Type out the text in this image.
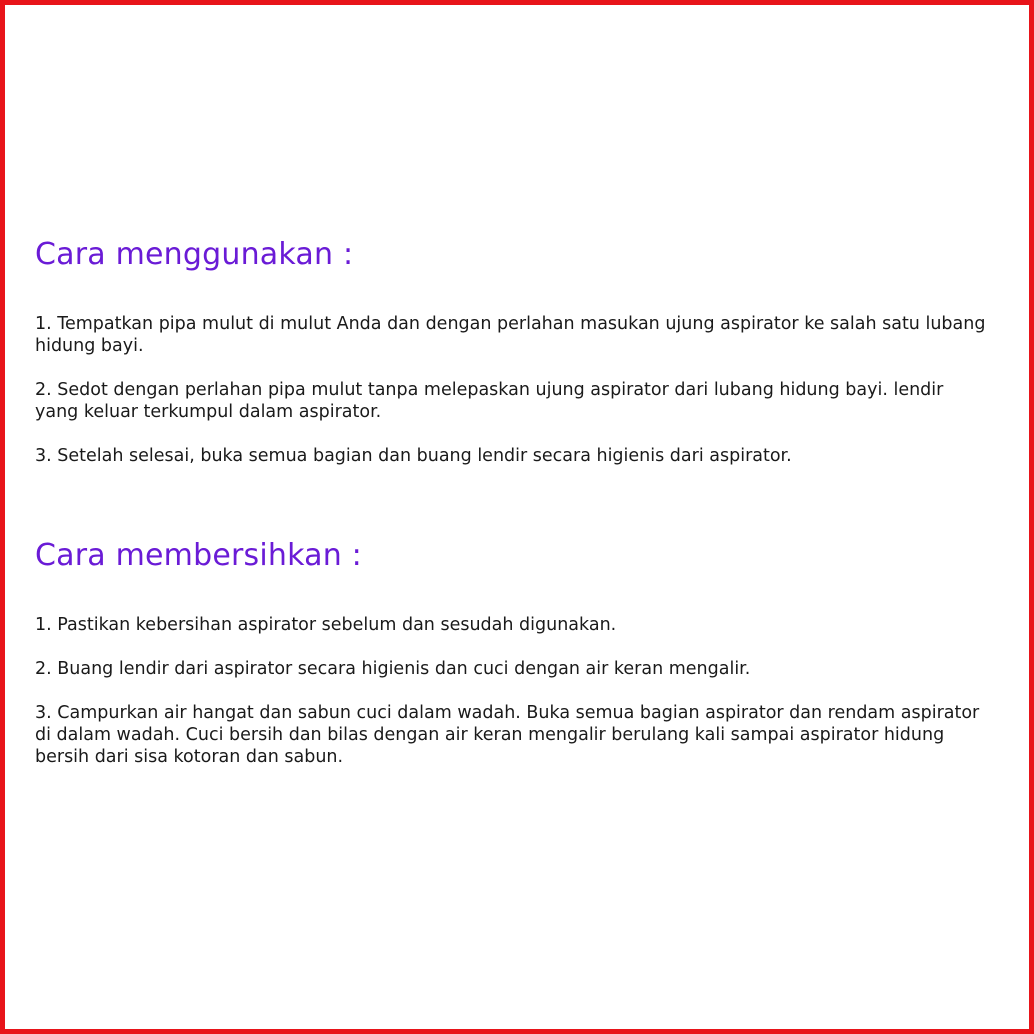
Cara menggunakan :

1. Tempatkan pipa mulut di mulut Anda dan dengan perlahan masukan ujung aspirator ke salah satu lubang hidung bayi.

2. Sedot dengan perlahan pipa mulut tanpa melepaskan ujung aspirator dari lubang hidung bayi. lendir yang keluar terkumpul dalam aspirator.

3. Setelah selesai, buka semua bagian dan buang lendir secara higienis dari aspirator.

Cara membersihkan :

1. Pastikan kebersihan aspirator sebelum dan sesudah digunakan.

2. Buang lendir dari aspirator secara higienis dan cuci dengan air keran mengalir.

3. Campurkan air hangat dan sabun cuci dalam wadah. Buka semua bagian aspirator dan rendam aspirator di dalam wadah. Cuci bersih dan bilas dengan air keran mengalir berulang kali sampai aspirator hidung bersih dari sisa kotoran dan sabun.
